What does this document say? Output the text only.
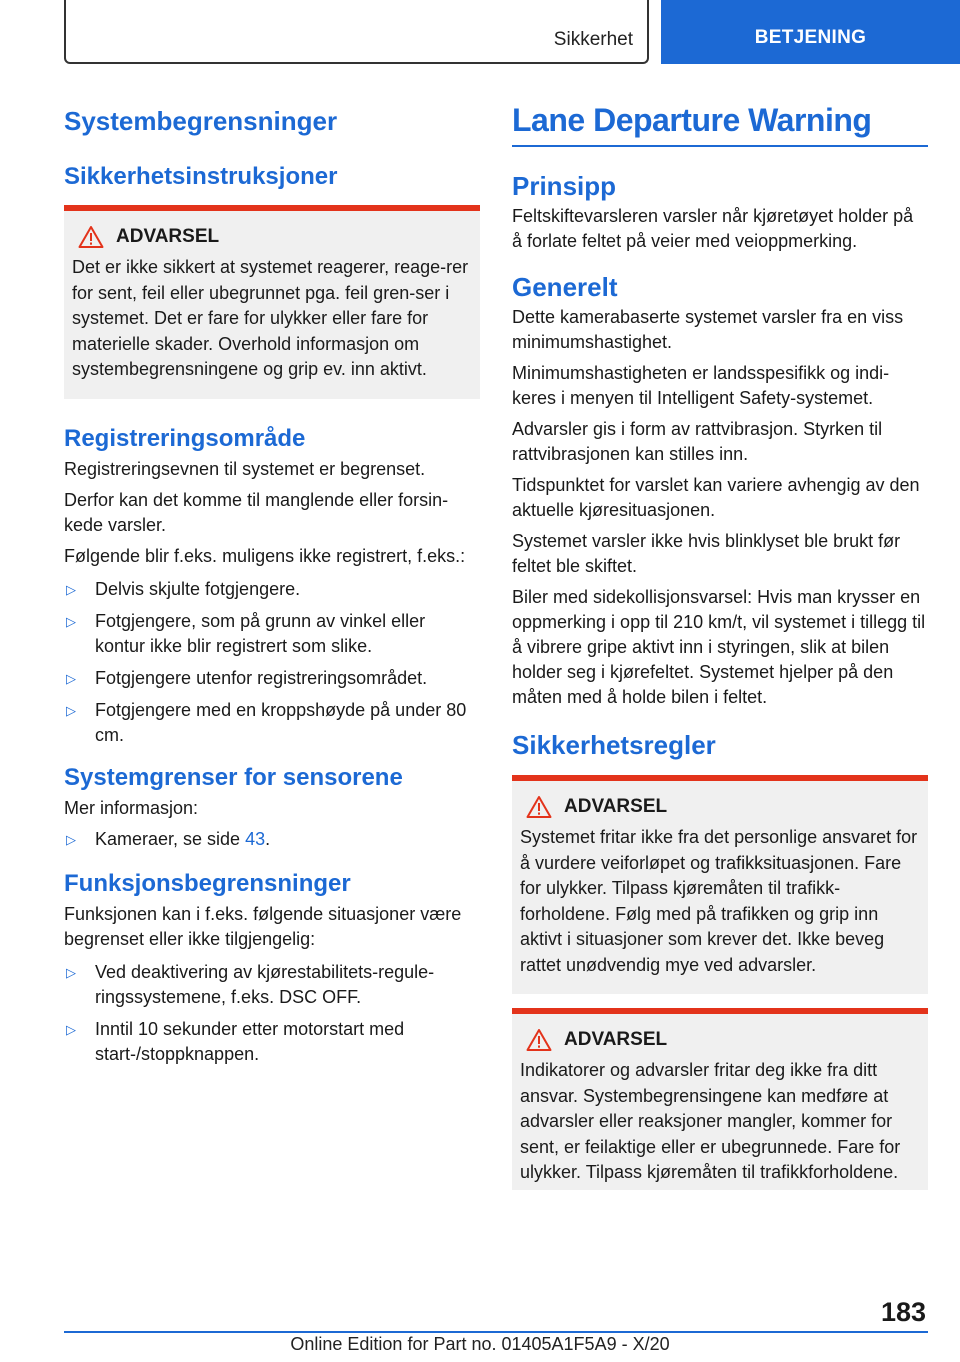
Sikkerhet	BETJENING
Systembegrensninger
Sikkerhetsinstruksjoner
ADVARSEL

Det er ikke sikkert at systemet reagerer, reage-rer for sent, feil eller ubegrunnet pga. feil gren-ser i systemet. Det er fare for ulykker eller fare for materielle skader. Overhold informasjon om systembegrensningene og grip ev. inn aktivt.

Registreringsområde

Registreringsevnen til systemet er begrenset.

Derfor kan det komme til manglende eller forsin-kede varsler.

Følgende blir f.eks. muligens ikke registrert, f.eks.:

▷	Delvis skjulte fotgjengere.
▷	Fotgjengere, som på grunn av vinkel eller kontur ikke blir registrert som slike.
▷	Fotgjengere utenfor registreringsområdet.
▷	Fotgjengere med en kroppshøyde på under 80 cm.
Systemgrenser for sensorene

Mer informasjon:

▷	Kameraer, se side 43.
Funksjonsbegrensninger

Funksjonen kan i f.eks. følgende situasjoner være begrenset eller ikke tilgjengelig:

▷	Ved deaktivering av kjørestabilitets-regule-ringssystemene, f.eks. DSC OFF.
▷	Inntil 10 sekunder etter motorstart med start-/stoppknappen.
Lane Departure Warning
Prinsipp

Feltskiftevarsleren varsler når kjøretøyet holder på å forlate feltet på veier med veioppmerking.

Generelt

Dette kamerabaserte systemet varsler fra en viss minimumshastighet.

Minimumshastigheten er landsspesifikk og indi-keres i menyen til Intelligent Safety-systemet.

Advarsler gis i form av rattvibrasjon. Styrken til rattvibrasjonen kan stilles inn.

Tidspunktet for varslet kan variere avhengig av den aktuelle kjøresituasjonen.

Systemet varsler ikke hvis blinklyset ble brukt før feltet ble skiftet.

Biler med sidekollisjonsvarsel: Hvis man krysser en oppmerking i opp til 210 km/t, vil systemet i tillegg til å vibrere gripe aktivt inn i styringen, slik at bilen holder seg i kjørefeltet. Systemet hjelper på den måten med å holde bilen i feltet.

Sikkerhetsregler
ADVARSEL

Systemet fritar ikke fra det personlige ansvaret for å vurdere veiforløpet og trafikksituasjonen. Fare for ulykker. Tilpass kjøremåten til trafikk-forholdene. Følg med på trafikken og grip inn aktivt i situasjoner som krever det. Ikke beveg rattet unødvendig mye ved advarsler.

ADVARSEL

Indikatorer og advarsler fritar deg ikke fra ditt ansvar. Systembegrensingene kan medføre at advarsler eller reaksjoner mangler, kommer for sent, er feilaktige eller er ubegrunnede. Fare for ulykker. Tilpass kjøremåten til trafikkforholdene.

183
Online Edition for Part no. 01405A1F5A9 - X/20
